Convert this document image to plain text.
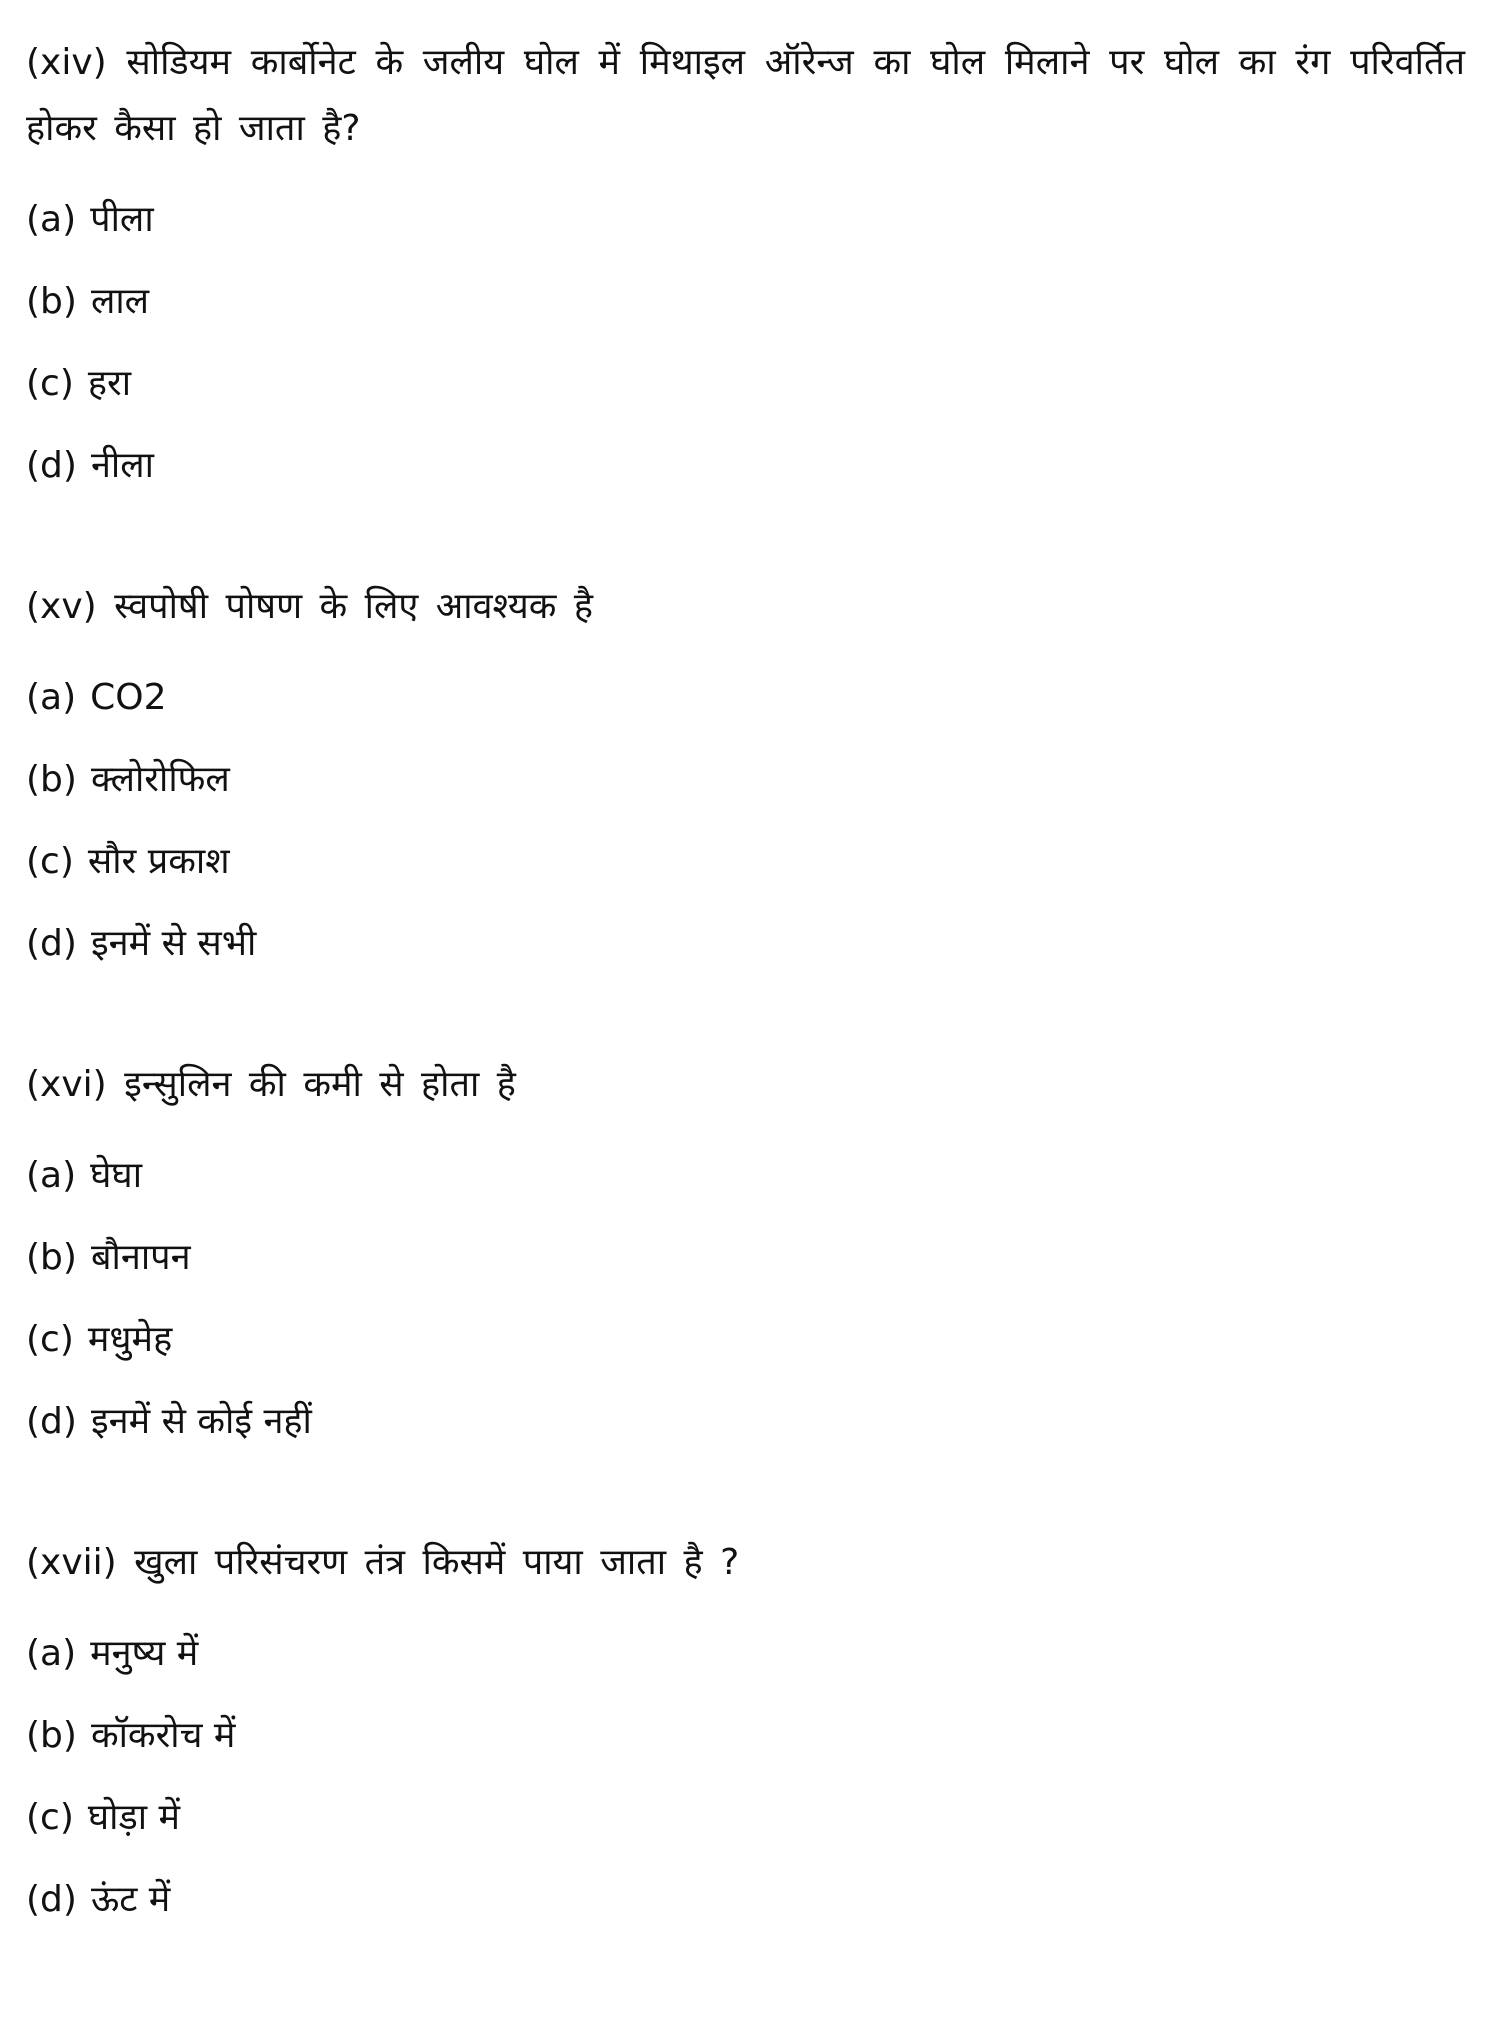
(xiv) सोडियम कार्बोनेट के जलीय घोल में मिथाइल ऑरेन्ज का घोल मिलाने पर घोल का रंग परिवर्तित होकर कैसा हो जाता है?

(a) पीला
(b) लाल
(c) हरा
(d) नीला

(xv) स्वपोषी पोषण के लिए आवश्यक है

(a) CO2
(b) क्लोरोफिल
(c) सौर प्रकाश
(d) इनमें से सभी

(xvi) इन्सुलिन की कमी से होता है

(a) घेघा
(b) बौनापन
(c) मधुमेह
(d) इनमें से कोई नहीं

(xvii) खुला परिसंचरण तंत्र किसमें पाया जाता है ?

(a) मनुष्य में
(b) कॉकरोच में
(c) घोड़ा में
(d) ऊंट में
